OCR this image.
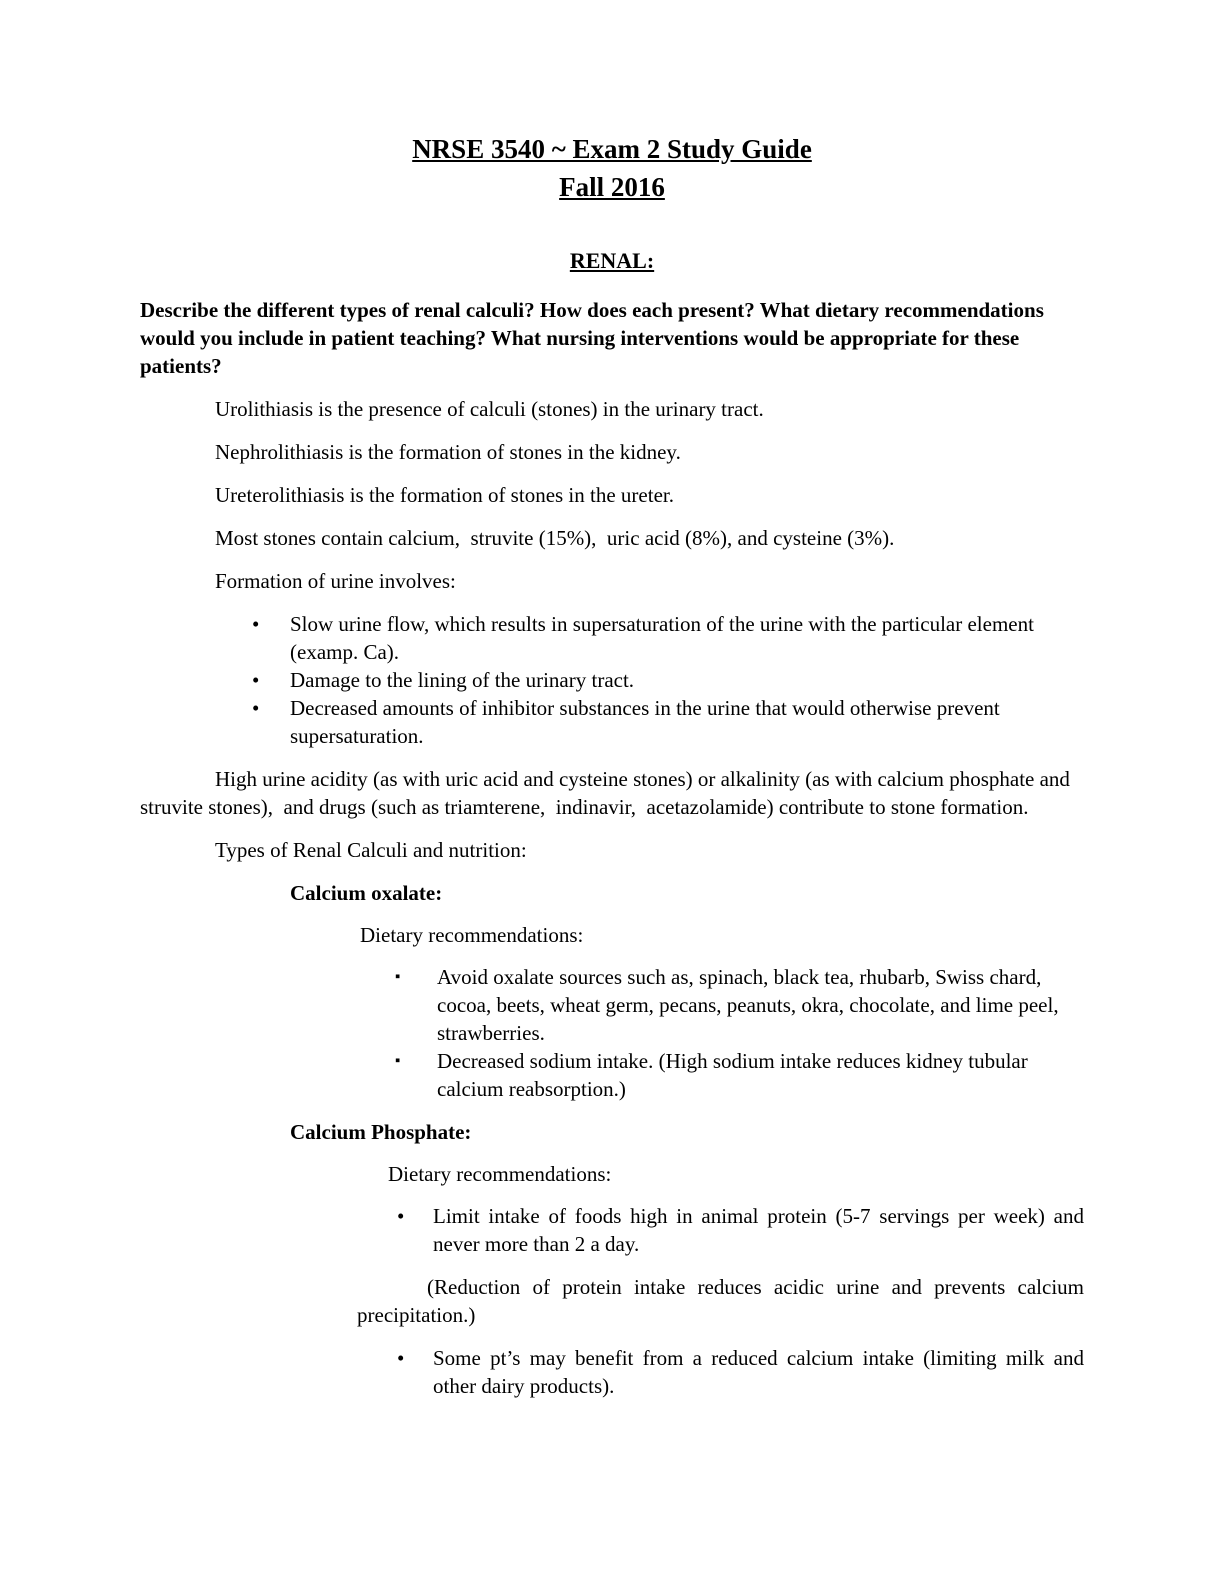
NRSE 3540 ~ Exam 2 Study Guide
Fall 2016
RENAL:

Describe the different types of renal calculi? How does each present? What dietary recommendations would you include in patient teaching? What nursing interventions would be appropriate for these patients?

Urolithiasis is the presence of calculi (stones) in the urinary tract.

Nephrolithiasis is the formation of stones in the kidney.

Ureterolithiasis is the formation of stones in the ureter.

Most stones contain calcium,  struvite (15%),  uric acid (8%), and cysteine (3%).

Formation of urine involves:

• Slow urine flow, which results in supersaturation of the urine with the particular element (examp. Ca).
• Damage to the lining of the urinary tract.
• Decreased amounts of inhibitor substances in the urine that would otherwise prevent supersaturation.

High urine acidity (as with uric acid and cysteine stones) or alkalinity (as with calcium phosphate and struvite stones),  and drugs (such as triamterene,  indinavir,  acetazolamide) contribute to stone formation.

Types of Renal Calculi and nutrition:

Calcium oxalate:

Dietary recommendations:

▪ Avoid oxalate sources such as, spinach, black tea, rhubarb, Swiss chard, cocoa, beets, wheat germ, pecans, peanuts, okra, chocolate, and lime peel, strawberries.
▪ Decreased sodium intake. (High sodium intake reduces kidney tubular calcium reabsorption.)

Calcium Phosphate:

Dietary recommendations:

• Limit intake of foods high in animal protein (5-7 servings per week) and never more than 2 a day.

(Reduction of protein intake reduces acidic urine and prevents calcium precipitation.)

• Some pt’s may benefit from a reduced calcium intake (limiting milk and other dairy products).
